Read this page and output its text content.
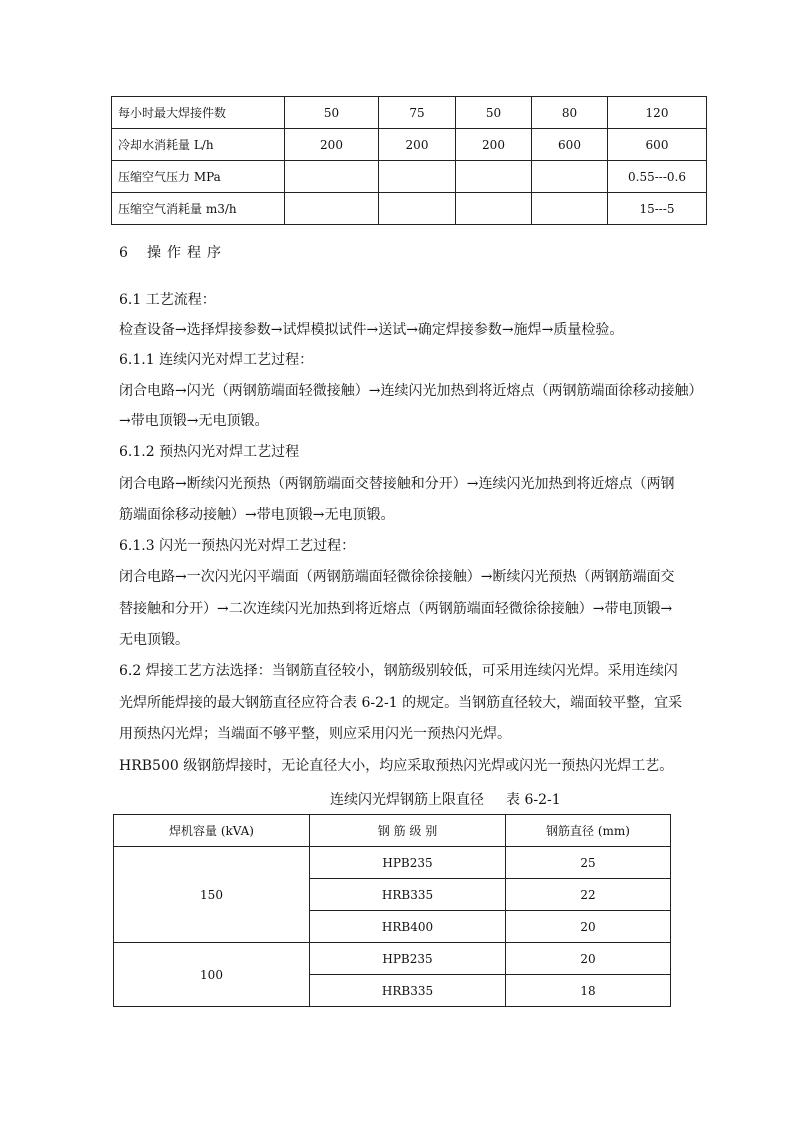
每小时最大焊接件数	50	75	50	80	120
冷却水消耗量 L/h	200	200	200	600	600
压缩空气压力 MPa					0.55---0.6
压缩空气消耗量 m3/h					15---5
6 操作程序
6.1 工艺流程：
检查设备→选择焊接参数→试焊模拟试件→送试→确定焊接参数→施焊→质量检验。
6.1.1 连续闪光对焊工艺过程：
闭合电路→闪光（两钢筋端面轻微接触）→连续闪光加热到将近熔点（两钢筋端面徐移动接触）
→带电顶锻→无电顶锻。
6.1.2 预热闪光对焊工艺过程
闭合电路→断续闪光预热（两钢筋端面交替接触和分开）→连续闪光加热到将近熔点（两钢
筋端面徐移动接触）→带电顶锻→无电顶锻。
6.1.3 闪光一预热闪光对焊工艺过程：
闭合电路→一次闪光闪平端面（两钢筋端面轻微徐徐接触）→断续闪光预热（两钢筋端面交
替接触和分开）→二次连续闪光加热到将近熔点（两钢筋端面轻微徐徐接触）→带电顶锻→
无电顶锻。
6.2 焊接工艺方法选择：当钢筋直径较小，钢筋级别较低，可采用连续闪光焊。采用连续闪
光焊所能焊接的最大钢筋直径应符合表 6-2-1 的规定。当钢筋直径较大，端面较平整，宜采
用预热闪光焊；当端面不够平整，则应采用闪光一预热闪光焊。
HRB500 级钢筋焊接时，无论直径大小，均应采取预热闪光焊或闪光一预热闪光焊工艺。
连续闪光焊钢筋上限直径 表 6-2-1
焊机容量 (kVA)	钢 筋 级 别	钢筋直径 (mm)
150	HPB235	25
	HRB335	22
	HRB400	20
100	HPB235	20
	HRB335	18
